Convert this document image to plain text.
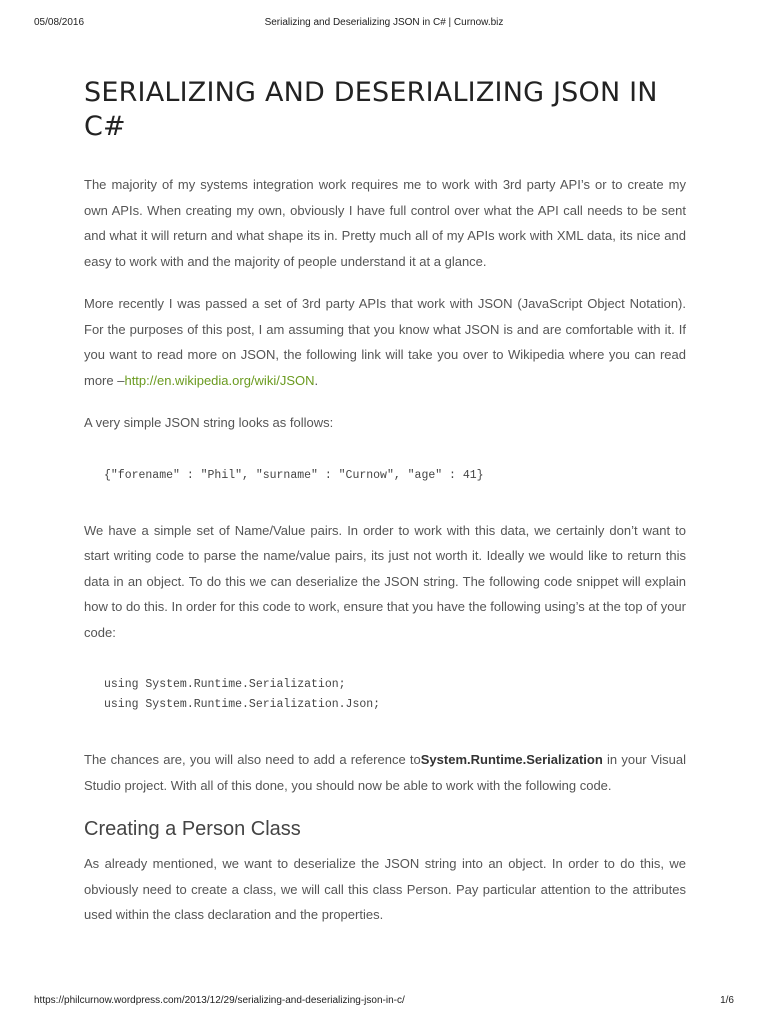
05/08/2016	Serializing and Deserializing JSON in C# | Curnow.biz
SERIALIZING AND DESERIALIZING JSON IN C#

The majority of my systems integration work requires me to work with 3rd party API’s or to create my own APIs. When creating my own, obviously I have full control over what the API call needs to be sent and what it will return and what shape its in. Pretty much all of my APIs work with XML data, its nice and easy to work with and the majority of people understand it at a glance.

More recently I was passed a set of 3rd party APIs that work with JSON (JavaScript Object Notation). For the purposes of this post, I am assuming that you know what JSON is and are comfortable with it. If you want to read more on JSON, the following link will take you over to Wikipedia where you can read more –http://en.wikipedia.org/wiki/JSON.

A very simple JSON string looks as follows:

{"forename" : "Phil", "surname" : "Curnow", "age" : 41}

We have a simple set of Name/Value pairs. In order to work with this data, we certainly don’t want to start writing code to parse the name/value pairs, its just not worth it. Ideally we would like to return this data in an object. To do this we can deserialize the JSON string. The following code snippet will explain how to do this. In order for this code to work, ensure that you have the following using’s at the top of your code:

using System.Runtime.Serialization;
using System.Runtime.Serialization.Json;

The chances are, you will also need to add a reference toSystem.Runtime.Serialization in your Visual Studio project. With all of this done, you should now be able to work with the following code.

Creating a Person Class

As already mentioned, we want to deserialize the JSON string into an object. In order to do this, we obviously need to create a class, we will call this class Person. Pay particular attention to the attributes used within the class declaration and the properties.

https://philcurnow.wordpress.com/2013/12/29/serializing-and-deserializing-json-in-c/	1/6
